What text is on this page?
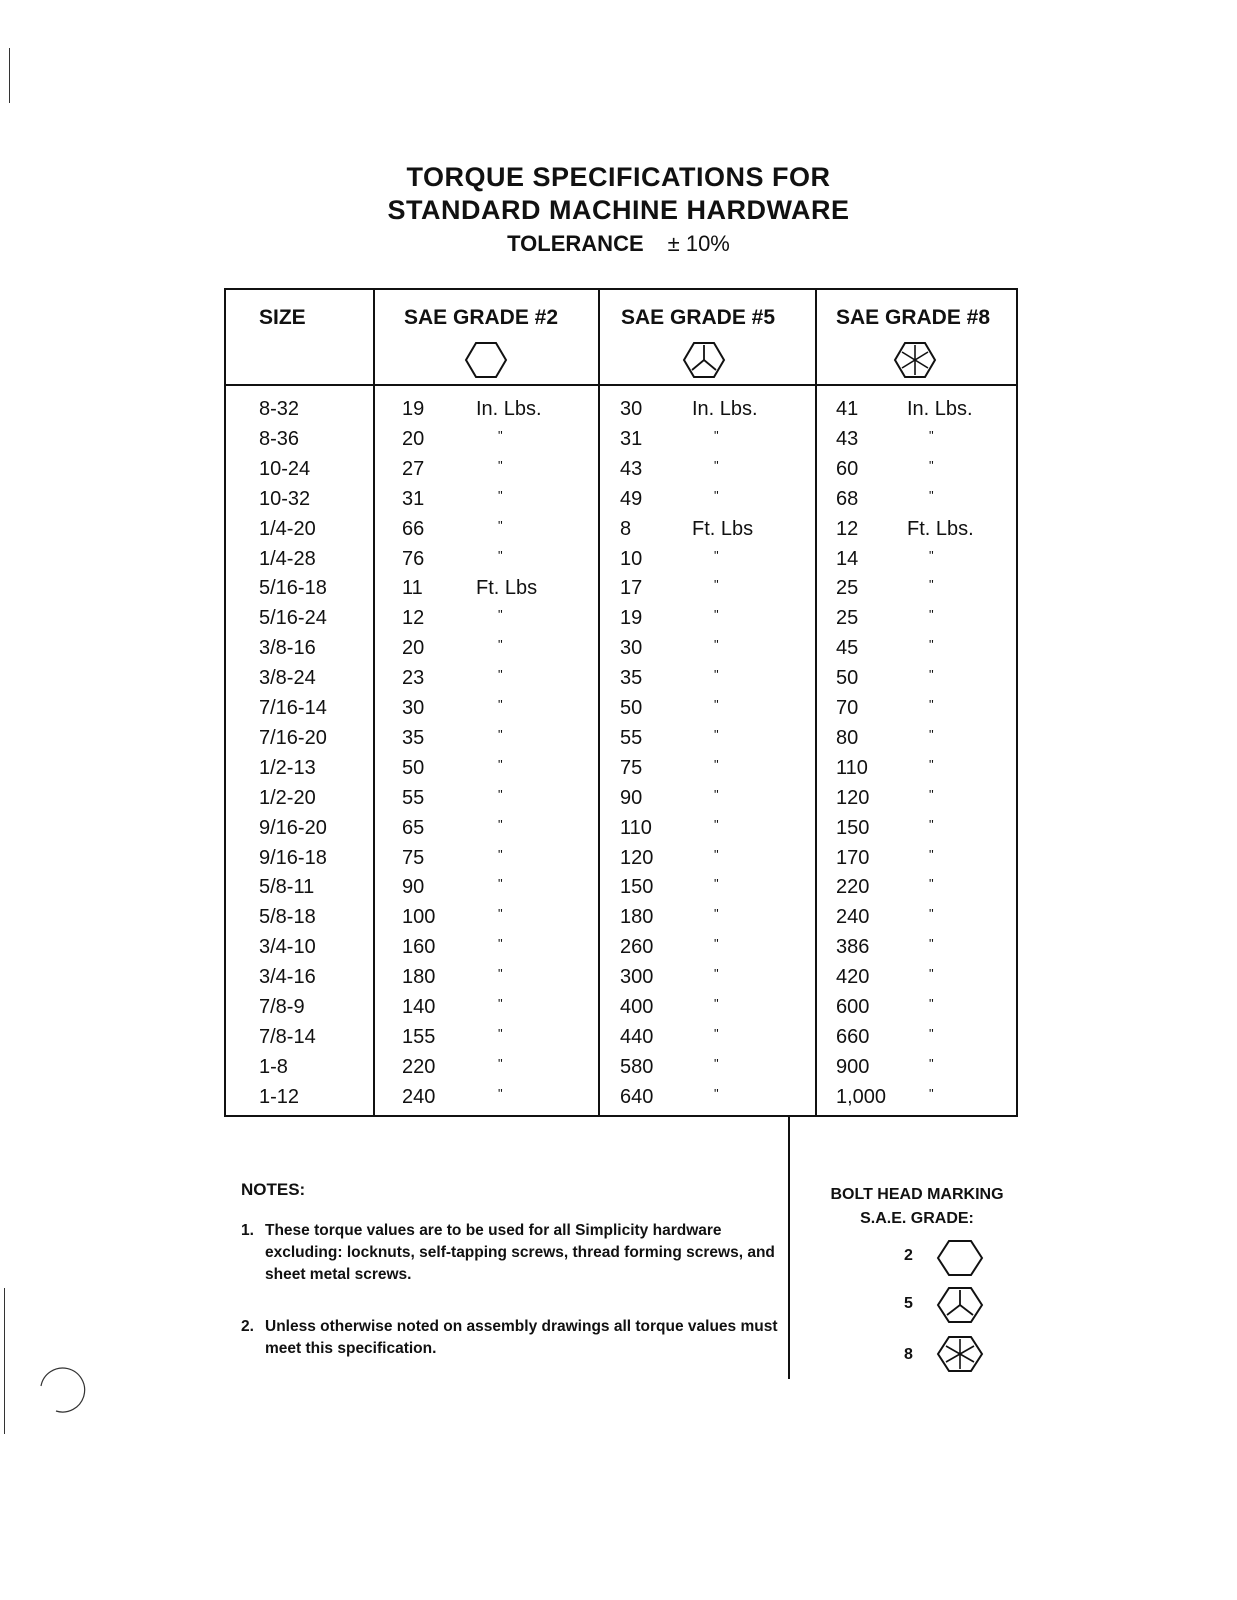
TORQUE SPECIFICATIONS FOR
STANDARD MACHINE HARDWARE
TOLERANCE ± 10%
SIZE	SAE GRADE #2	SAE GRADE #5	SAE GRADE #8
8-32	19	In. Lbs.	30 In. Lbs.	41 In. Lbs.
8-36	20	"	31	"	43	"
10-24	27	"	43	"	60	"
10-32	31	"	49	"	68	"
1/4-20	66	"	8	Ft. Lbs	12 Ft. Lbs.
1/4-28	76	"	10	"	14	"
5/16-18	11	Ft. Lbs	17	"	25	"
5/16-24	12	"	19	"	25	"
3/8-16	20	"	30	"	45	"
3/8-24	23	"	35	"	50	"
7/16-14	30	"	50	"	70	"
7/16-20	35	"	55	"	80	"
1/2-13	50	"	75	"	110	"
1/2-20	55	"	90	"	120	"
9/16-20	65	"	110	"	150	"
9/16-18	75	"	120	"	170	"
5/8-11	90	"	150	"	220	"
5/8-18	100	"	180	"	240	"
3/4-10	160	"	260	"	386	"
3/4-16	180	"	300	"	420	"
7/8-9	140	"	400	"	600	"
7/8-14	155	"	440	"	660	"
1-8	220	"	580	"	900	"
1-12	240	"	640	"	1,000	"
NOTES:
1. These torque values are to be used for all Simplicity hardware excluding: locknuts, self-tapping screws, thread forming screws, and sheet metal screws.
2. Unless otherwise noted on assembly drawings all torque values must meet this specification.
BOLT HEAD MARKING
S.A.E. GRADE:
2
5
8
